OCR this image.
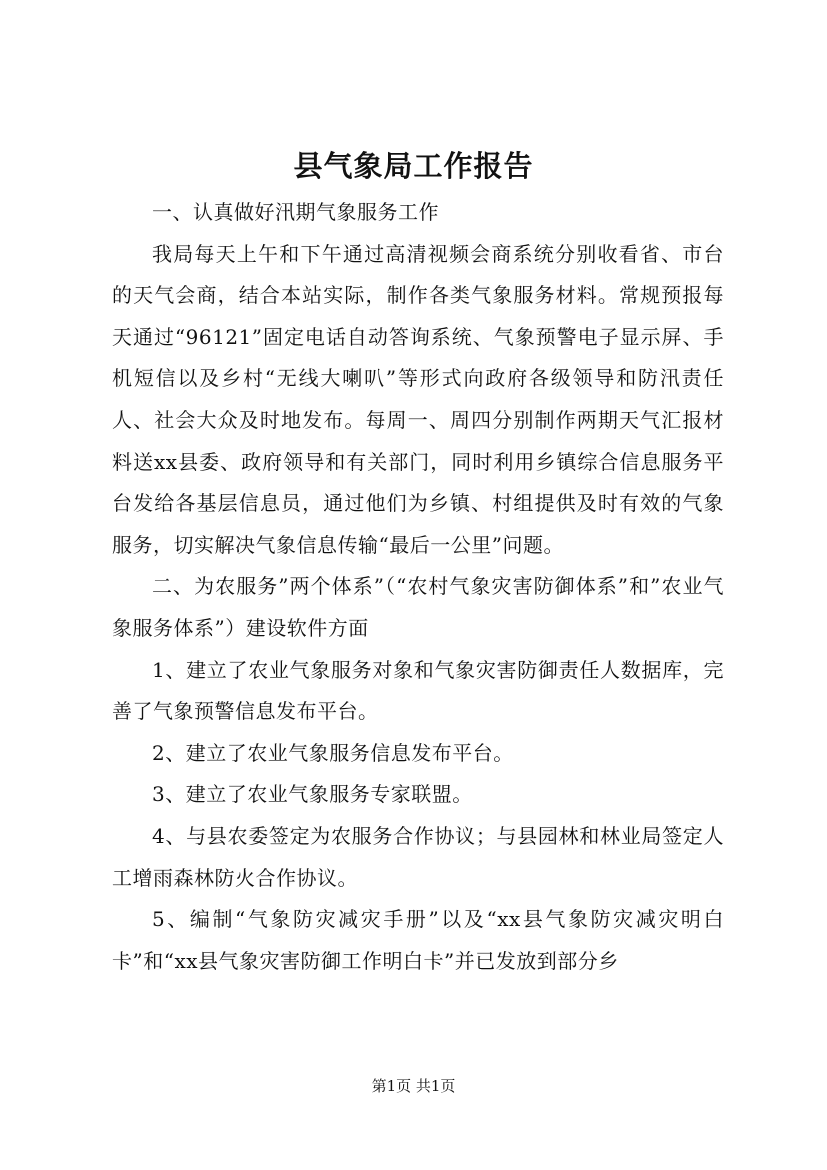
县气象局工作报告

一、认真做好汛期气象服务工作

我局每天上午和下午通过高清视频会商系统分别收看省、市台的天气会商，结合本站实际，制作各类气象服务材料。常规预报每天通过“96121”固定电话自动答询系统、气象预警电子显示屏、手机短信以及乡村“无线大喇叭”等形式向政府各级领导和防汛责任人、社会大众及时地发布。每周一、周四分别制作两期天气汇报材料送xx县委、政府领导和有关部门，同时利用乡镇综合信息服务平台发给各基层信息员，通过他们为乡镇、村组提供及时有效的气象服务，切实解决气象信息传输“最后一公里”问题。

二、为农服务”两个体系”（“农村气象灾害防御体系”和”农业气象服务体系”）建设软件方面

1、建立了农业气象服务对象和气象灾害防御责任人数据库，完善了气象预警信息发布平台。

2、建立了农业气象服务信息发布平台。

3、建立了农业气象服务专家联盟。

4、与县农委签定为农服务合作协议；与县园林和林业局签定人工增雨森林防火合作协议。

5、编制“气象防灾减灾手册”以及“xx县气象防灾减灾明白卡”和“xx县气象灾害防御工作明白卡”并已发放到部分乡

第1页 共1页
